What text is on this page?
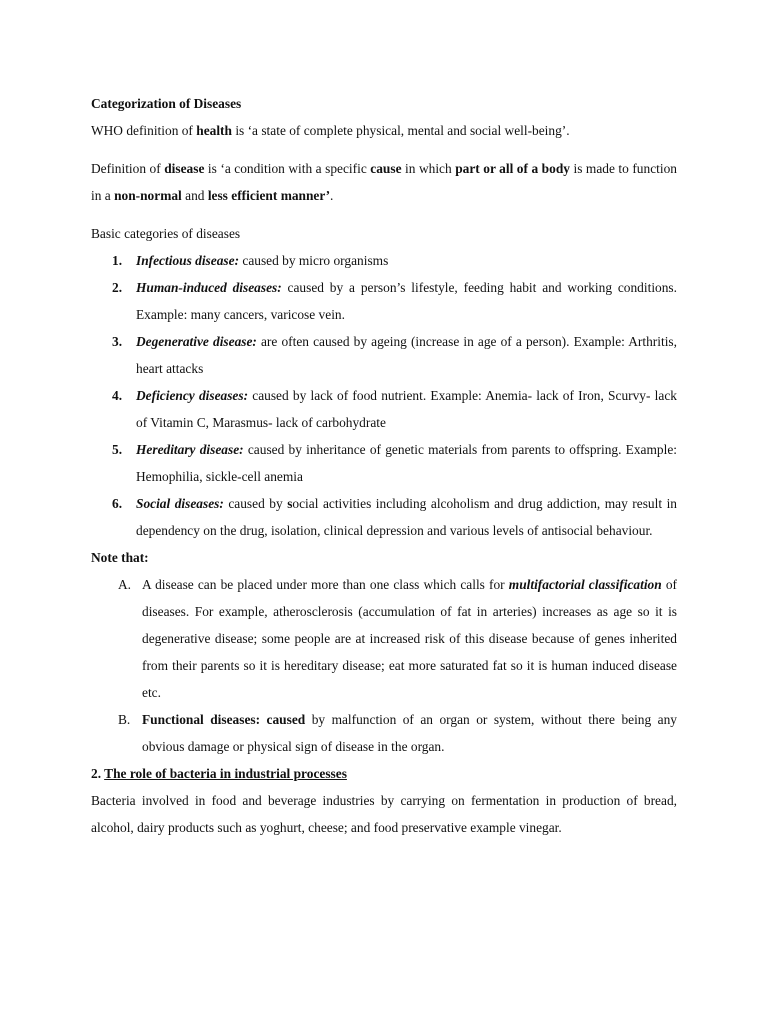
Categorization of Diseases

WHO definition of health is ‘a state of complete physical, mental and social well-being’.

Definition of disease is ‘a condition with a specific cause in which part or all of a body is made to function in a non-normal and less efficient manner’.

Basic categories of diseases

1. Infectious disease: caused by micro organisms
2. Human-induced diseases: caused by a person’s lifestyle, feeding habit and working conditions. Example: many cancers, varicose vein.
3. Degenerative disease: are often caused by ageing (increase in age of a person). Example: Arthritis, heart attacks
4. Deficiency diseases: caused by lack of food nutrient. Example: Anemia- lack of Iron, Scurvy- lack of Vitamin C, Marasmus- lack of carbohydrate
5. Hereditary disease: caused by inheritance of genetic materials from parents to offspring. Example: Hemophilia, sickle-cell anemia
6. Social diseases: caused by social activities including alcoholism and drug addiction, may result in dependency on the drug, isolation, clinical depression and various levels of antisocial behaviour.

Note that:

A. A disease can be placed under more than one class which calls for multifactorial classification of diseases. For example, atherosclerosis (accumulation of fat in arteries) increases as age so it is degenerative disease; some people are at increased risk of this disease because of genes inherited from their parents so it is hereditary disease; eat more saturated fat so it is human induced disease etc.
B. Functional diseases: caused by malfunction of an organ or system, without there being any obvious damage or physical sign of disease in the organ.

2. The role of bacteria in industrial processes

Bacteria involved in food and beverage industries by carrying on fermentation in production of bread, alcohol, dairy products such as yoghurt, cheese; and food preservative example vinegar.
